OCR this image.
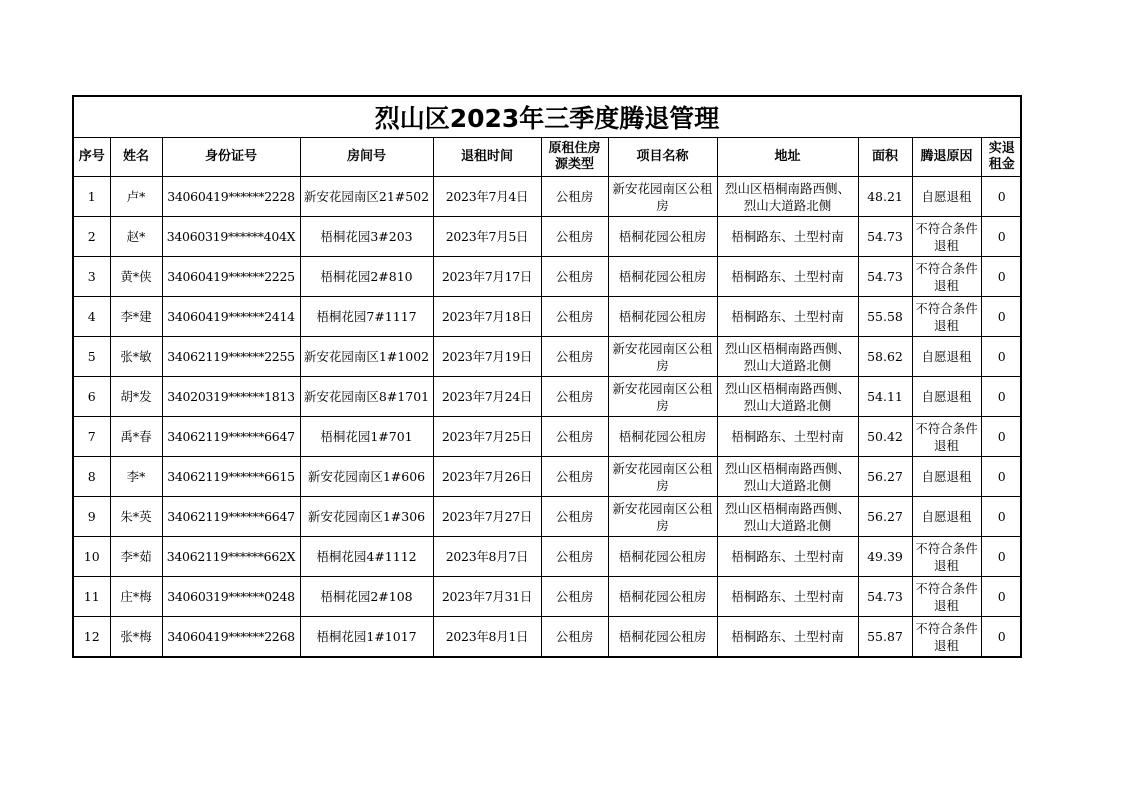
烈山区2023年三季度腾退管理
序号	姓名	身份证号	房间号	退租时间	原租住房源类型	项目名称	地址	面积	腾退原因	实退租金

1	卢*	34060419******2228	新安花园南区21#502	2023年7月4日	公租房	新安花园南区公租房	烈山区梧桐南路西侧、烈山大道路北侧	48.21	自愿退租	0

2	赵*	34060319******404X	梧桐花园3#203	2023年7月5日	公租房	梧桐花园公租房	梧桐路东、土型村南	54.73	不符合条件退租	0

3	黄*侠	34060419******2225	梧桐花园2#810	2023年7月17日	公租房	梧桐花园公租房	梧桐路东、土型村南	54.73	不符合条件退租	0

4	李*建	34060419******2414	梧桐花园7#1117	2023年7月18日	公租房	梧桐花园公租房	梧桐路东、土型村南	55.58	不符合条件退租	0

5	张*敏	34062119******2255	新安花园南区1#1002	2023年7月19日	公租房	新安花园南区公租房	烈山区梧桐南路西侧、烈山大道路北侧	58.62	自愿退租	0

6	胡*发	34020319******1813	新安花园南区8#1701	2023年7月24日	公租房	新安花园南区公租房	烈山区梧桐南路西侧、烈山大道路北侧	54.11	自愿退租	0

7	禹*春	34062119******6647	梧桐花园1#701	2023年7月25日	公租房	梧桐花园公租房	梧桐路东、土型村南	50.42	不符合条件退租	0

8	李*	34062119******6615	新安花园南区1#606	2023年7月26日	公租房	新安花园南区公租房	烈山区梧桐南路西侧、烈山大道路北侧	56.27	自愿退租	0

9	朱*英	34062119******6647	新安花园南区1#306	2023年7月27日	公租房	新安花园南区公租房	烈山区梧桐南路西侧、烈山大道路北侧	56.27	自愿退租	0

10	李*茹	34062119******662X	梧桐花园4#1112	2023年8月7日	公租房	梧桐花园公租房	梧桐路东、土型村南	49.39	不符合条件退租	0

11	庄*梅	34060319******0248	梧桐花园2#108	2023年7月31日	公租房	梧桐花园公租房	梧桐路东、土型村南	54.73	不符合条件退租	0

12	张*梅	34060419******2268	梧桐花园1#1017	2023年8月1日	公租房	梧桐花园公租房	梧桐路东、土型村南	55.87	不符合条件退租	0
